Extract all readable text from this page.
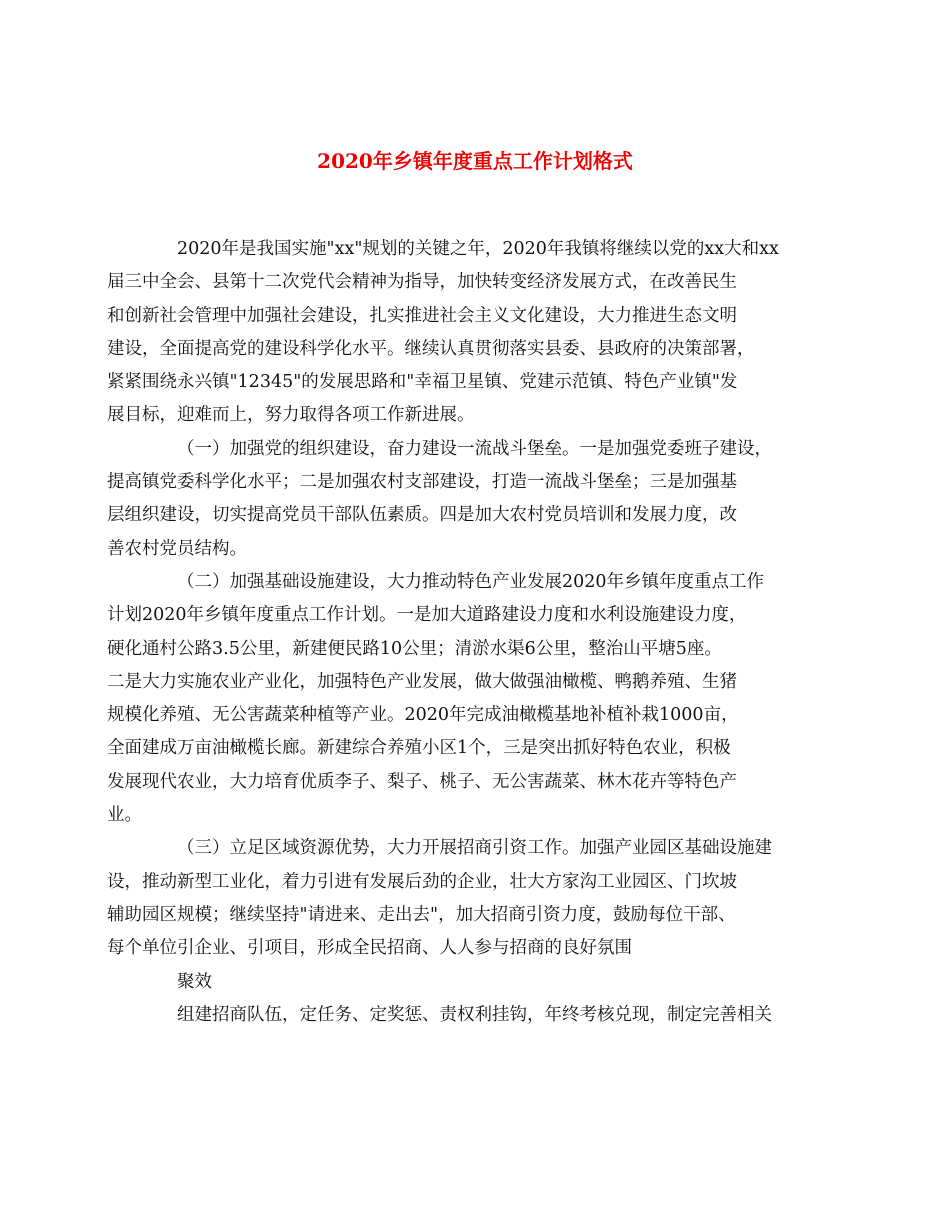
2020年乡镇年度重点工作计划格式

2020年是我国实施"xx"规划的关键之年，2020年我镇将继续以党的xx大和xx
届三中全会、县第十二次党代会精神为指导，加快转变经济发展方式，在改善民生
和创新社会管理中加强社会建设，扎实推进社会主义文化建设，大力推进生态文明
建设，全面提高党的建设科学化水平。继续认真贯彻落实县委、县政府的决策部署，
紧紧围绕永兴镇"12345"的发展思路和"幸福卫星镇、党建示范镇、特色产业镇"发
展目标，迎难而上，努力取得各项工作新进展。

（一）加强党的组织建设，奋力建设一流战斗堡垒。一是加强党委班子建设，
提高镇党委科学化水平；二是加强农村支部建设，打造一流战斗堡垒；三是加强基
层组织建设，切实提高党员干部队伍素质。四是加大农村党员培训和发展力度，改
善农村党员结构。

（二）加强基础设施建设，大力推动特色产业发展2020年乡镇年度重点工作
计划2020年乡镇年度重点工作计划。一是加大道路建设力度和水利设施建设力度，
硬化通村公路3.5公里，新建便民路10公里；清淤水渠6公里，整治山平塘5座。
二是大力实施农业产业化，加强特色产业发展，做大做强油橄榄、鸭鹅养殖、生猪
规模化养殖、无公害蔬菜种植等产业。2020年完成油橄榄基地补植补栽1000亩，
全面建成万亩油橄榄长廊。新建综合养殖小区1个，三是突出抓好特色农业，积极
发展现代农业，大力培育优质李子、梨子、桃子、无公害蔬菜、林木花卉等特色产
业。

（三）立足区域资源优势，大力开展招商引资工作。加强产业园区基础设施建
设，推动新型工业化，着力引进有发展后劲的企业，壮大方家沟工业园区、门坎坡
辅助园区规模；继续坚持"请进来、走出去"，加大招商引资力度，鼓励每位干部、
每个单位引企业、引项目，形成全民招商、人人参与招商的良好氛围

聚效

组建招商队伍，定任务、定奖惩、责权利挂钩，年终考核兑现，制定完善相关
